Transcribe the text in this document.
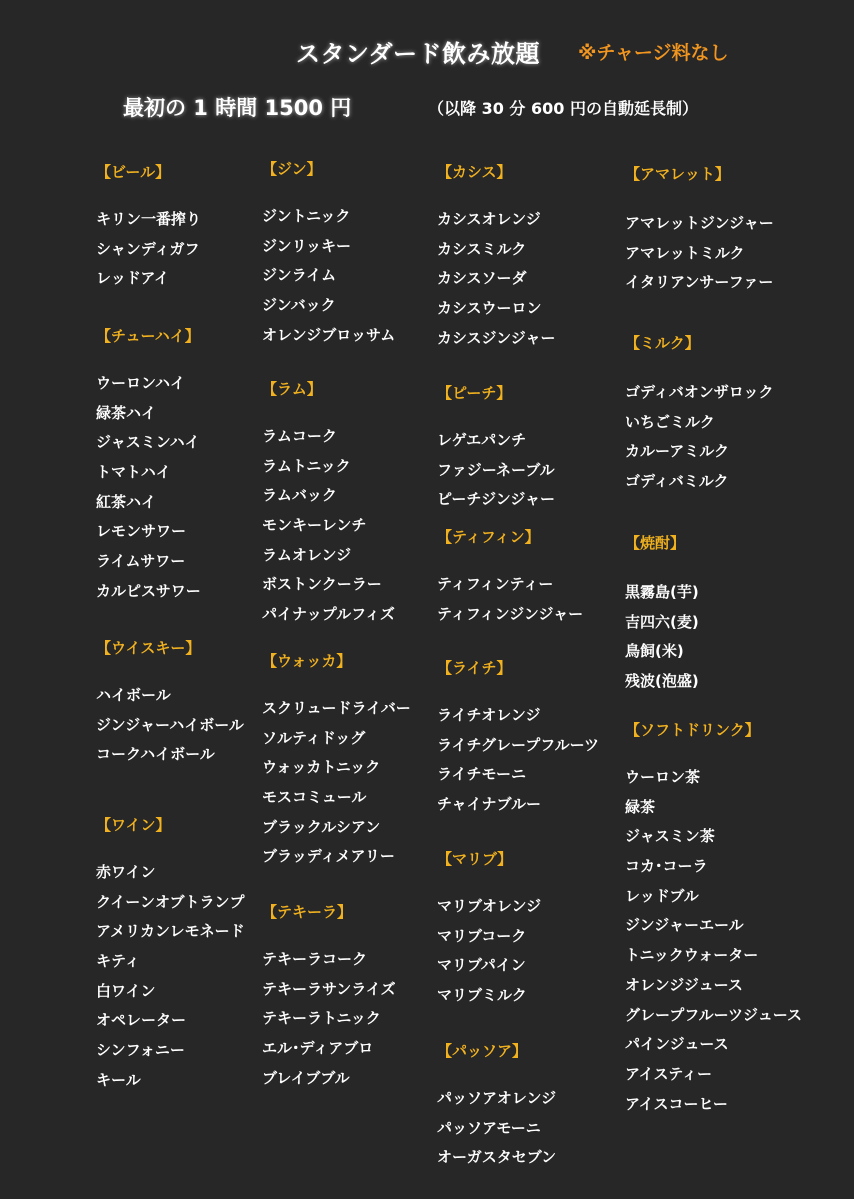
スタンダード飲み放題 ※チャージ料なし
最初の 1 時間 1500 円	（以降 30 分 600 円の自動延長制）
【ビール】
キリン一番搾り
シャンディガフ
レッドアイ
【チューハイ】
ウーロンハイ
緑茶ハイ
ジャスミンハイ
トマトハイ
紅茶ハイ
レモンサワー
ライムサワー
カルピスサワー
【ウイスキー】
ハイボール
ジンジャーハイボール
コークハイボール
【ワイン】
赤ワイン
クイーンオブトランプ
アメリカンレモネード
キティ
白ワイン
オペレーター
シンフォニー
キール
【ジン】
ジントニック
ジンリッキー
ジンライム
ジンバック
オレンジブロッサム
【ラム】
ラムコーク
ラムトニック
ラムバック
モンキーレンチ
ラムオレンジ
ボストンクーラー
パイナップルフィズ
【ウォッカ】
スクリュードライバー
ソルティドッグ
ウォッカトニック
モスコミュール
ブラックルシアン
ブラッディメアリー
【テキーラ】
テキーラコーク
テキーラサンライズ
テキーラトニック
エル･ディアブロ
ブレイブブル
【カシス】
カシスオレンジ
カシスミルク
カシスソーダ
カシスウーロン
カシスジンジャー
【ピーチ】
レゲエパンチ
ファジーネーブル
ピーチジンジャー
【ティフィン】
ティフィンティー
ティフィンジンジャー
【ライチ】
ライチオレンジ
ライチグレープフルーツ
ライチモーニ
チャイナブルー
【マリブ】
マリブオレンジ
マリブコーク
マリブパイン
マリブミルク
【パッソア】
パッソアオレンジ
パッソアモーニ
オーガスタセブン
【アマレット】
アマレットジンジャー
アマレットミルク
イタリアンサーファー
【ミルク】
ゴディバオンザロック
いちごミルク
カルーアミルク
ゴディバミルク
【焼酎】
黒霧島(芋)
吉四六(麦)
鳥飼(米)
残波(泡盛)
【ソフトドリンク】
ウーロン茶
緑茶
ジャスミン茶
コカ･コーラ
レッドブル
ジンジャーエール
トニックウォーター
オレンジジュース
グレープフルーツジュース
パインジュース
アイスティー
アイスコーヒー
